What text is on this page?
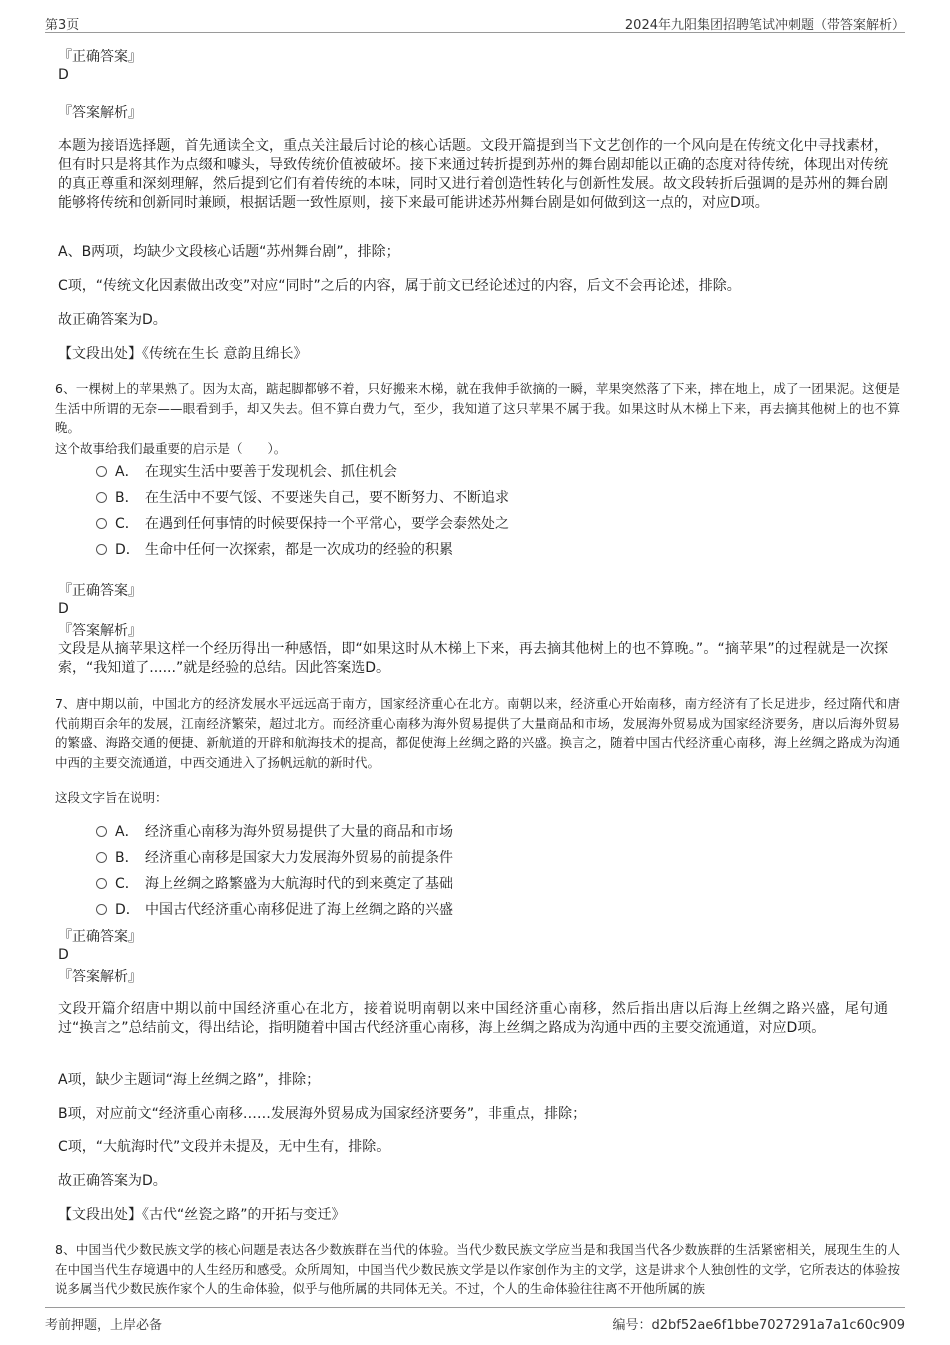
第3页	2024年九阳集团招聘笔试冲刺题（带答案解析）
『正确答案』
D
『答案解析』
本题为接语选择题，首先通读全文，重点关注最后讨论的核心话题。文段开篇提到当下文艺创作的一个风向是在传统文化中寻找素材，但有时只是将其作为点缀和噱头，导致传统价值被破坏。接下来通过转折提到苏州的舞台剧却能以正确的态度对待传统，体现出对传统的真正尊重和深刻理解，然后提到它们有着传统的本味，同时又进行着创造性转化与创新性发展。故文段转折后强调的是苏州的舞台剧能够将传统和创新同时兼顾，根据话题一致性原则，接下来最可能讲述苏州舞台剧是如何做到这一点的，对应D项。
A、B两项，均缺少文段核心话题“苏州舞台剧”，排除；
C项，“传统文化因素做出改变”对应“同时”之后的内容，属于前文已经论述过的内容，后文不会再论述，排除。
故正确答案为D。
【文段出处】《传统在生长 意韵且绵长》
6、一棵树上的苹果熟了。因为太高，踮起脚都够不着，只好搬来木梯，就在我伸手欲摘的一瞬，苹果突然落了下来，摔在地上，成了一团果泥。这便是生活中所谓的无奈——眼看到手，却又失去。但不算白费力气，至少，我知道了这只苹果不属于我。如果这时从木梯上下来，再去摘其他树上的也不算晚。
这个故事给我们最重要的启示是（　　）。
A． 在现实生活中要善于发现机会、抓住机会
B． 在生活中不要气馁、不要迷失自己，要不断努力、不断追求
C． 在遇到任何事情的时候要保持一个平常心，要学会泰然处之
D． 生命中任何一次探索，都是一次成功的经验的积累
『正确答案』
D
『答案解析』
文段是从摘苹果这样一个经历得出一种感悟，即“如果这时从木梯上下来，再去摘其他树上的也不算晚。”。“摘苹果”的过程就是一次探索，“我知道了......”就是经验的总结。因此答案选D。
7、唐中期以前，中国北方的经济发展水平远远高于南方，国家经济重心在北方。南朝以来，经济重心开始南移，南方经济有了长足进步，经过隋代和唐代前期百余年的发展，江南经济繁荣，超过北方。而经济重心南移为海外贸易提供了大量商品和市场，发展海外贸易成为国家经济要务，唐以后海外贸易的繁盛、海路交通的便捷、新航道的开辟和航海技术的提高，都促使海上丝绸之路的兴盛。换言之，随着中国古代经济重心南移，海上丝绸之路成为沟通中西的主要交流通道，中西交通进入了扬帆远航的新时代。
这段文字旨在说明：
A． 经济重心南移为海外贸易提供了大量的商品和市场
B． 经济重心南移是国家大力发展海外贸易的前提条件
C． 海上丝绸之路繁盛为大航海时代的到来奠定了基础
D． 中国古代经济重心南移促进了海上丝绸之路的兴盛
『正确答案』
D
『答案解析』
文段开篇介绍唐中期以前中国经济重心在北方，接着说明南朝以来中国经济重心南移，然后指出唐以后海上丝绸之路兴盛，尾句通过“换言之”总结前文，得出结论，指明随着中国古代经济重心南移，海上丝绸之路成为沟通中西的主要交流通道，对应D项。
A项，缺少主题词“海上丝绸之路”，排除；
B项，对应前文“经济重心南移……发展海外贸易成为国家经济要务”，非重点，排除；
C项，“大航海时代”文段并未提及，无中生有，排除。
故正确答案为D。
【文段出处】《古代“丝瓷之路”的开拓与变迁》
8、中国当代少数民族文学的核心问题是表达各少数族群在当代的体验。当代少数民族文学应当是和我国当代各少数族群的生活紧密相关，展现生生的人在中国当代生存境遇中的人生经历和感受。众所周知，中国当代少数民族文学是以作家创作为主的文学，这是讲求个人独创性的文学，它所表达的体验按说多属当代少数民族作家个人的生命体验，似乎与他所属的共同体无关。不过，个人的生命体验往往离不开他所属的族
考前押题，上岸必备	编号：d2bf52ae6f1bbe7027291a7a1c60c909
